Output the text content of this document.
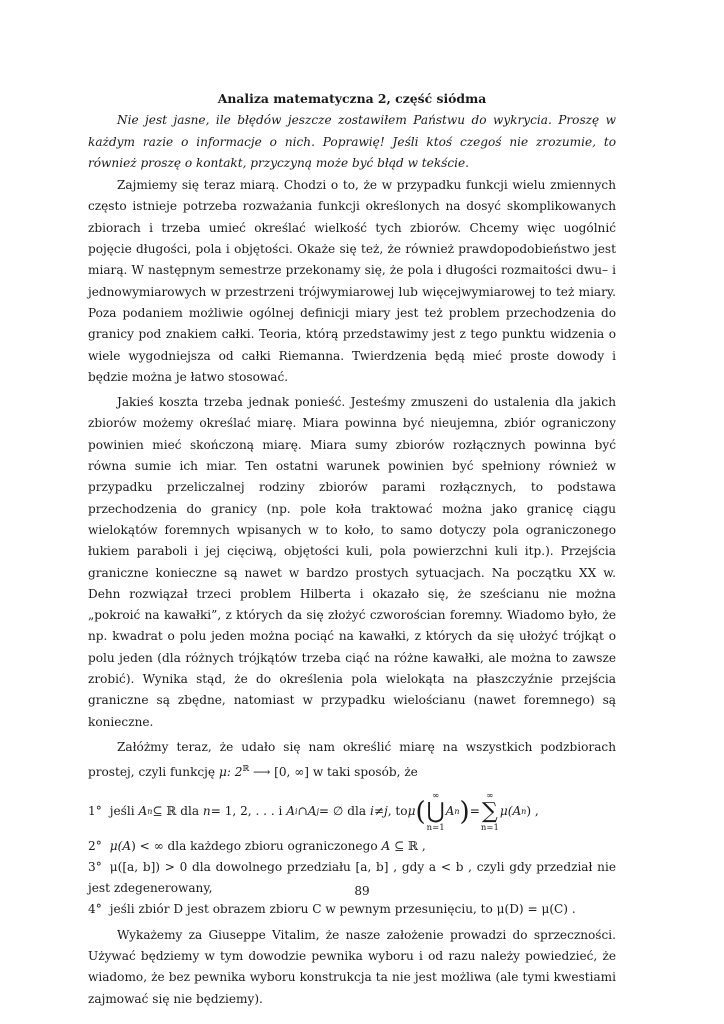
Analiza matematyczna 2, część siódma

Nie jest jasne, ile błędów jeszcze zostawiłem Państwu do wykrycia. Proszę w każdym razie o informacje o nich. Poprawię! Jeśli ktoś czegoś nie zrozumie, to również proszę o kontakt, przyczyną może być błąd w tekście.

Zajmiemy się teraz miarą. Chodzi o to, że w przypadku funkcji wielu zmiennych często istnieje potrzeba rozważania funkcji określonych na dosyć skomplikowanych zbiorach i trzeba umieć określać wielkość tych zbiorów. Chcemy więc uogólnić pojęcie długości, pola i objętości. Okaże się też, że również prawdopodobieństwo jest miarą. W następnym semestrze przekonamy się, że pola i długości rozmaitości dwu– i jednowymiarowych w przestrzeni trójwymiarowej lub więcejwymiarowej to też miary. Poza podaniem możliwie ogólnej definicji miary jest też problem przechodzenia do granicy pod znakiem całki. Teoria, którą przedstawimy jest z tego punktu widzenia o wiele wygodniejsza od całki Riemanna. Twierdzenia będą mieć proste dowody i będzie można je łatwo stosować.

Jakieś koszta trzeba jednak ponieść. Jesteśmy zmuszeni do ustalenia dla jakich zbiorów możemy określać miarę. Miara powinna być nieujemna, zbiór ograniczony powinien mieć skończoną miarę. Miara sumy zbiorów rozłącznych powinna być równa sumie ich miar. Ten ostatni warunek powinien być spełniony również w przypadku przeliczalnej rodziny zbiorów parami rozłącznych, to podstawa przechodzenia do granicy (np. pole koła traktować można jako granicę ciągu wielokątów foremnych wpisanych w to koło, to samo dotyczy pola ograniczonego łukiem paraboli i jej cięciwą, objętości kuli, pola powierzchni kuli itp.). Przejścia graniczne konieczne są nawet w bardzo prostych sytuacjach. Na początku XX w. Dehn rozwiązał trzeci problem Hilberta i okazało się, że sześcianu nie można „pokroić na kawałki”, z których da się złożyć czworościan foremny. Wiadomo było, że np. kwadrat o polu jeden można pociąć na kawałki, z których da się ułożyć trójkąt o polu jeden (dla różnych trójkątów trzeba ciąć na różne kawałki, ale można to zawsze zrobić). Wynika stąd, że do określenia pola wielokąta na płaszczyźnie przejścia graniczne są zbędne, natomiast w przypadku wielościanu (nawet foremnego) są konieczne.

Załóżmy teraz, że udało się nam określić miarę na wszystkich podzbiorach prostej, czyli funkcję μ: $2^ℝ$ ⟶ [0, ∞] w taki sposób, że

1° jeśli
A n ⊆ ℝ dla
n = 1, 2, . . . i
A i ∩ A j = ∅ dla
i ≠ j , to μ (
∞
⋃
n=1
A n ) =
∞
∑
n=1
μ( A n ) ,
2° μ(A) < ∞ dla każdego zbioru ograniczonego A ⊆ ℝ ,
3° μ([a, b]) > 0 dla dowolnego przedziału [a, b] , gdy a < b , czyli gdy przedział nie jest zdegenerowany,
4° jeśli zbiór D jest obrazem zbioru C w pewnym przesunięciu, to μ(D) = μ(C) .

Wykażemy za Giuseppe Vitalim, że nasze założenie prowadzi do sprzeczności. Używać będziemy w tym dowodzie pewnika wyboru i od razu należy powiedzieć, że wiadomo, że bez pewnika wyboru konstrukcja ta nie jest możliwa (ale tymi kwestiami zajmować się nie będziemy).

89
